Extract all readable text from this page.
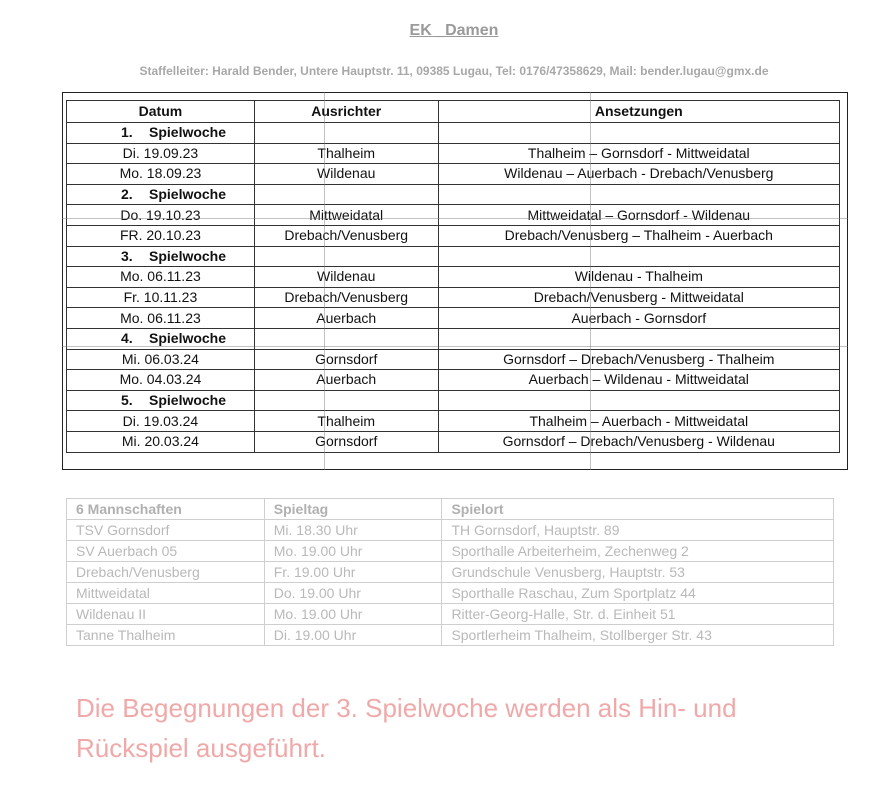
EK _Damen
Staffelleiter: Harald Bender, Untere Hauptstr. 11, 09385 Lugau, Tel: 0176/47358629, Mail: bender.lugau@gmx.de
Datum	Ausrichter	Ansetzungen
1. Spielwoche		
Di. 19.09.23	Thalheim	Thalheim – Gornsdorf - Mittweidatal
Mo. 18.09.23	Wildenau	Wildenau – Auerbach - Drebach/Venusberg
2. Spielwoche		
Do. 19.10.23	Mittweidatal	Mittweidatal – Gornsdorf - Wildenau
FR. 20.10.23	Drebach/Venusberg	Drebach/Venusberg – Thalheim - Auerbach
3. Spielwoche		
Mo. 06.11.23	Wildenau	Wildenau - Thalheim
Fr. 10.11.23	Drebach/Venusberg	Drebach/Venusberg - Mittweidatal
Mo. 06.11.23	Auerbach	Auerbach - Gornsdorf
4. Spielwoche		
Mi. 06.03.24	Gornsdorf	Gornsdorf – Drebach/Venusberg - Thalheim
Mo. 04.03.24	Auerbach	Auerbach – Wildenau - Mittweidatal
5. Spielwoche		
Di. 19.03.24	Thalheim	Thalheim – Auerbach - Mittweidatal
Mi. 20.03.24	Gornsdorf	Gornsdorf – Drebach/Venusberg - Wildenau
6 Mannschaften	Spieltag	Spielort
TSV Gornsdorf	Mi. 18.30 Uhr	TH Gornsdorf, Hauptstr. 89
SV Auerbach 05	Mo. 19.00 Uhr	Sporthalle Arbeiterheim, Zechenweg 2
Drebach/Venusberg	Fr. 19.00 Uhr	Grundschule Venusberg, Hauptstr. 53
Mittweidatal	Do. 19.00 Uhr	Sporthalle Raschau, Zum Sportplatz 44
Wildenau II	Mo. 19.00 Uhr	Ritter-Georg-Halle, Str. d. Einheit 51
Tanne Thalheim	Di. 19.00 Uhr	Sportlerheim Thalheim, Stollberger Str. 43
Die Begegnungen der 3. Spielwoche werden als Hin- und Rückspiel ausgeführt.
